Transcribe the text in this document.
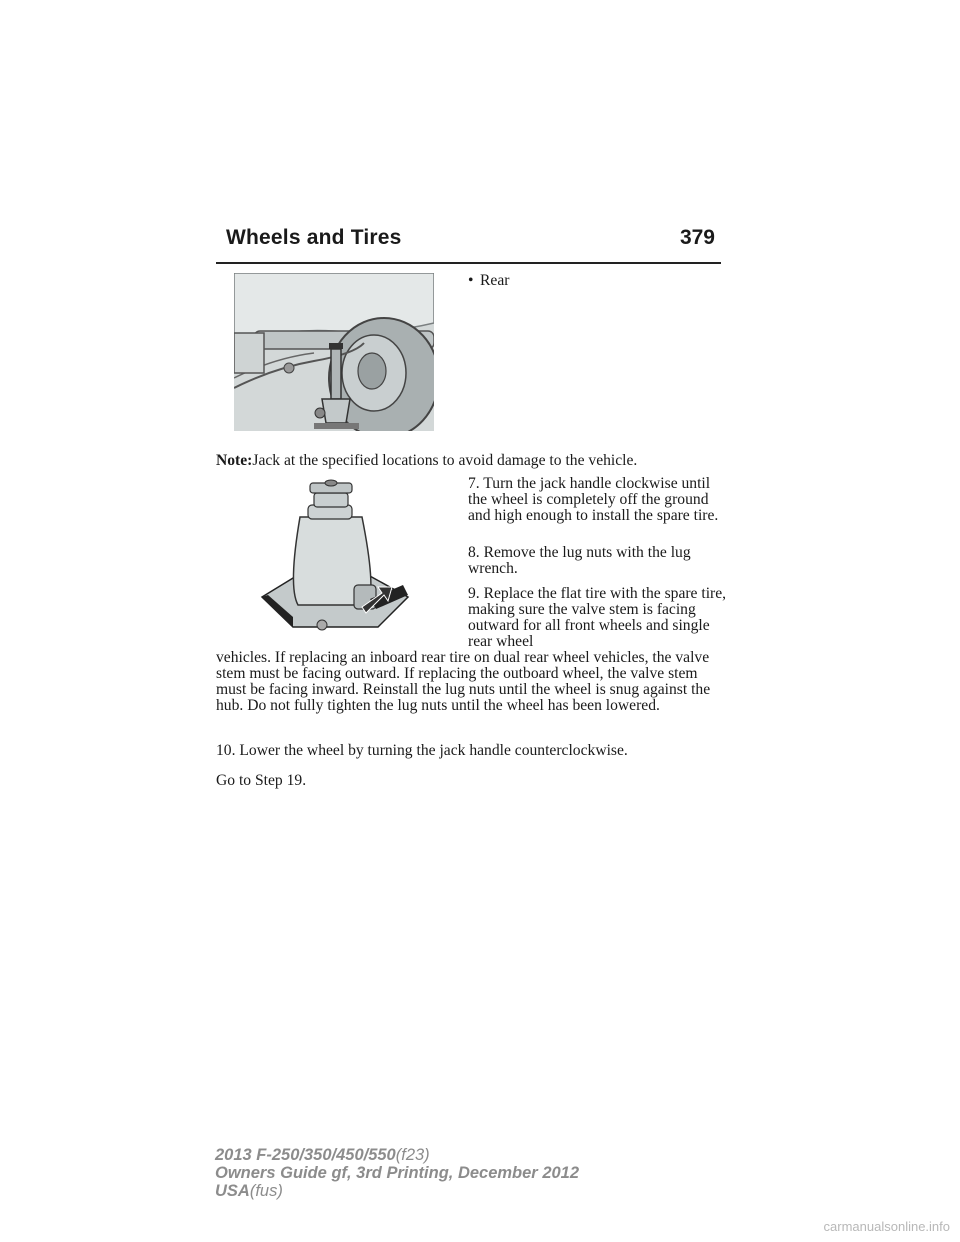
Wheels and Tires	379
• Rear
Note:Jack at the specified locations to avoid damage to the vehicle.
7. Turn the jack handle clockwise until the wheel is completely off the ground and high enough to install the spare tire.
8. Remove the lug nuts with the lug wrench.
9. Replace the flat tire with the spare tire, making sure the valve stem is facing outward for all front wheels and single rear wheel
vehicles. If replacing an inboard rear tire on dual rear wheel vehicles, the valve stem must be facing outward. If replacing the outboard wheel, the valve stem must be facing inward. Reinstall the lug nuts until the wheel is snug against the hub. Do not fully tighten the lug nuts until the wheel has been lowered.
10. Lower the wheel by turning the jack handle counterclockwise.
Go to Step 19.
2013 F-250/350/450/550(f23)
Owners Guide gf, 3rd Printing, December 2012
USA(fus)
carmanualsonline.info
